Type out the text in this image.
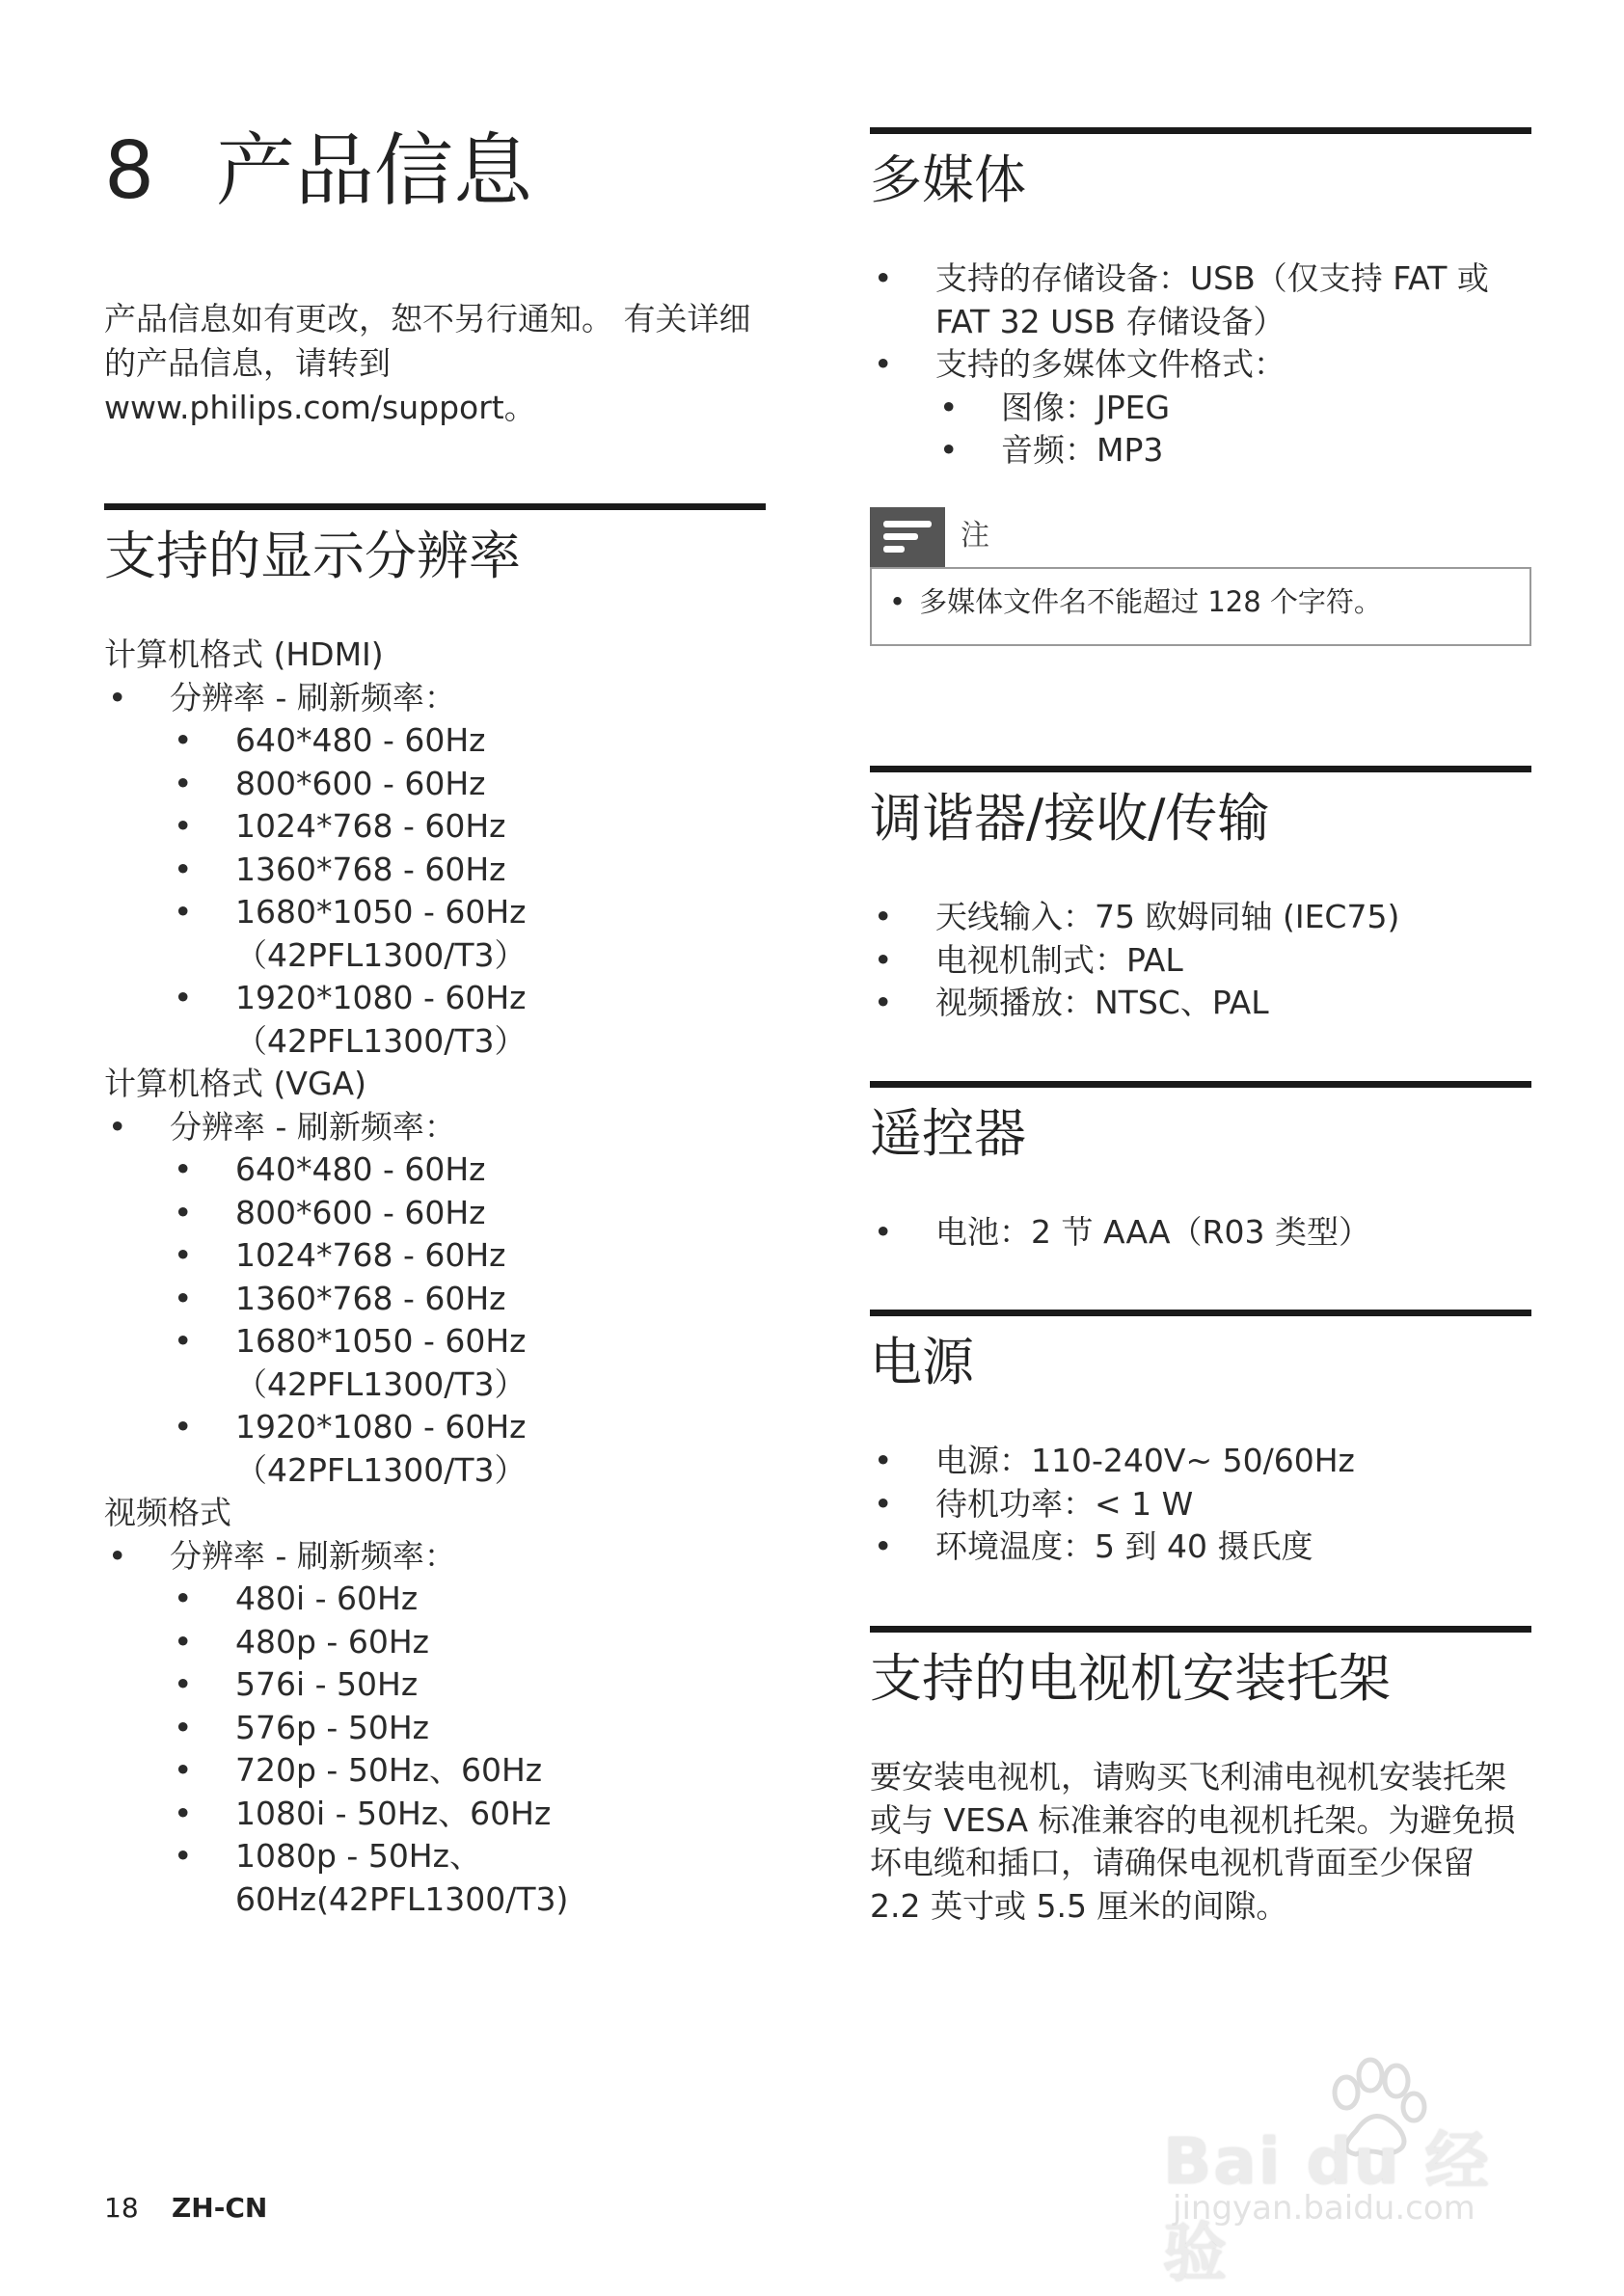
8 产品信息

产品信息如有更改，恕不另行通知。 有关详细的产品信息，请转到 www.philips.com/support。

支持的显示分辨率
计算机格式 (HDMI)
• 分辨率 - 刷新频率：
• 640*480 - 60Hz
• 800*600 - 60Hz
• 1024*768 - 60Hz
• 1360*768 - 60Hz
• 1680*1050 - 60Hz（42PFL1300/T3）
• 1920*1080 - 60Hz（42PFL1300/T3）
计算机格式 (VGA)
• 分辨率 - 刷新频率：
• 640*480 - 60Hz
• 800*600 - 60Hz
• 1024*768 - 60Hz
• 1360*768 - 60Hz
• 1680*1050 - 60Hz（42PFL1300/T3）
• 1920*1080 - 60Hz（42PFL1300/T3）
视频格式
• 分辨率 - 刷新频率：
• 480i - 60Hz
• 480p - 60Hz
• 576i - 50Hz
• 576p - 50Hz
• 720p - 50Hz、60Hz
• 1080i - 50Hz、60Hz
• 1080p - 50Hz、60Hz(42PFL1300/T3)
多媒体
• 支持的存储设备：USB（仅支持 FAT 或 FAT 32 USB 存储设备）
• 支持的多媒体文件格式：
• 图像：JPEG
• 音频：MP3
注
• 多媒体文件名不能超过 128 个字符。
调谐器/接收/传输
• 天线输入：75 欧姆同轴 (IEC75)
• 电视机制式：PAL
• 视频播放：NTSC、PAL
遥控器
• 电池：2 节 AAA（R03 类型）
电源
• 电源：110-240V~ 50/60Hz
• 待机功率：< 1 W
• 环境温度：5 到 40 摄氏度
支持的电视机安装托架

要安装电视机，请购买飞利浦电视机安装托架或与 VESA 标准兼容的电视机托架。为避免损坏电缆和插口，请确保电视机背面至少保留 2.2 英寸或 5.5 厘米的间隙。

18 ZH-CN
Bai du 经验
jingyan.baidu.com
